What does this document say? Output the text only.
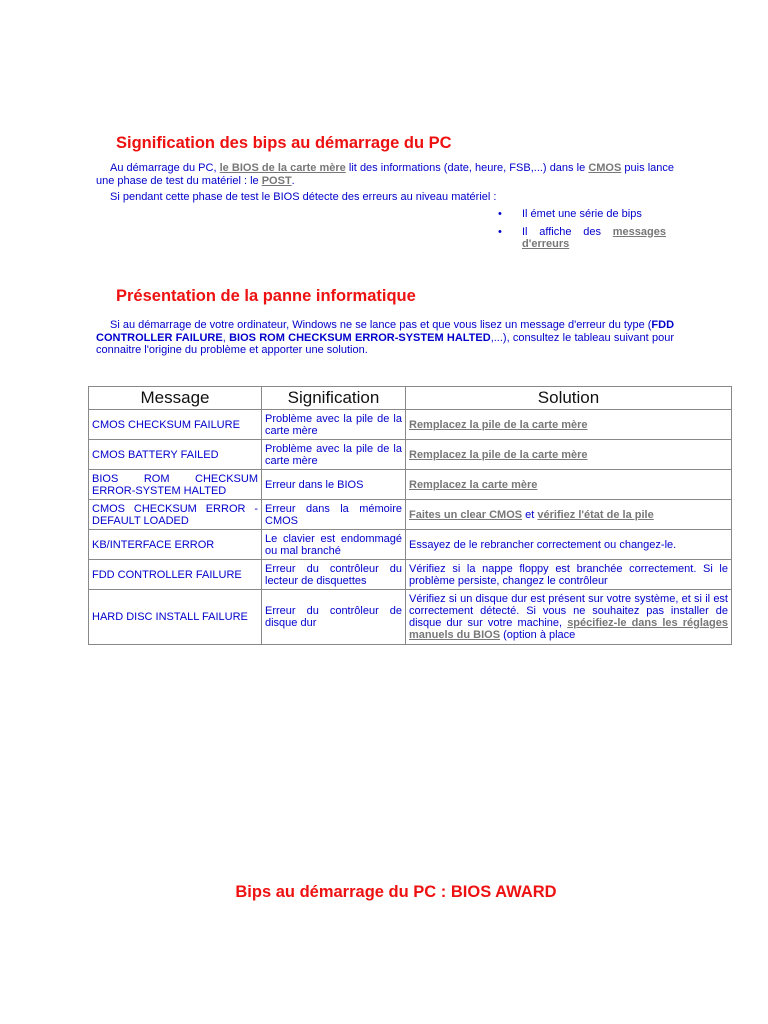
Signification des bips au démarrage du PC

Au démarrage du PC, le BIOS de la carte mère lit des informations (date, heure, FSB,...) dans le CMOS puis lance une phase de test du matériel : le POST.

Si pendant cette phase de test le BIOS détecte des erreurs au niveau matériel :

• Il émet une série de bips
• Il affiche des messages d'erreurs
Présentation de la panne informatique

Si au démarrage de votre ordinateur, Windows ne se lance pas et que vous lisez un message d'erreur du type (FDD CONTROLLER FAILURE, BIOS ROM CHECKSUM ERROR-SYSTEM HALTED,...), consultez le tableau suivant pour connaitre l'origine du problème et apporter une solution.

Message	Signification	Solution
CMOS CHECKSUM FAILURE	Problème avec la pile de la carte mère	Remplacez la pile de la carte mère
CMOS BATTERY FAILED	Problème avec la pile de la carte mère	Remplacez la pile de la carte mère
BIOS ROM CHECKSUM ERROR-SYSTEM HALTED	Erreur dans le BIOS	Remplacez la carte mère
CMOS CHECKSUM ERROR - DEFAULT LOADED	Erreur dans la mémoire CMOS	Faites un clear CMOS et vérifiez l'état de la pile
KB/INTERFACE ERROR	Le clavier est endommagé ou mal branché	Essayez de le rebrancher correctement ou changez-le.
FDD CONTROLLER FAILURE	Erreur du contrôleur du lecteur de disquettes	Vérifiez si la nappe floppy est branchée correctement. Si le problème persiste, changez le contrôleur
HARD DISC INSTALL FAILURE	Erreur du contrôleur de disque dur	Vérifiez si un disque dur est présent sur votre système, et si il est correctement détecté. Si vous ne souhaitez pas installer de disque dur sur votre machine, spécifiez-le dans les réglages manuels du BIOS (option à place
Bips au démarrage du PC : BIOS AWARD
